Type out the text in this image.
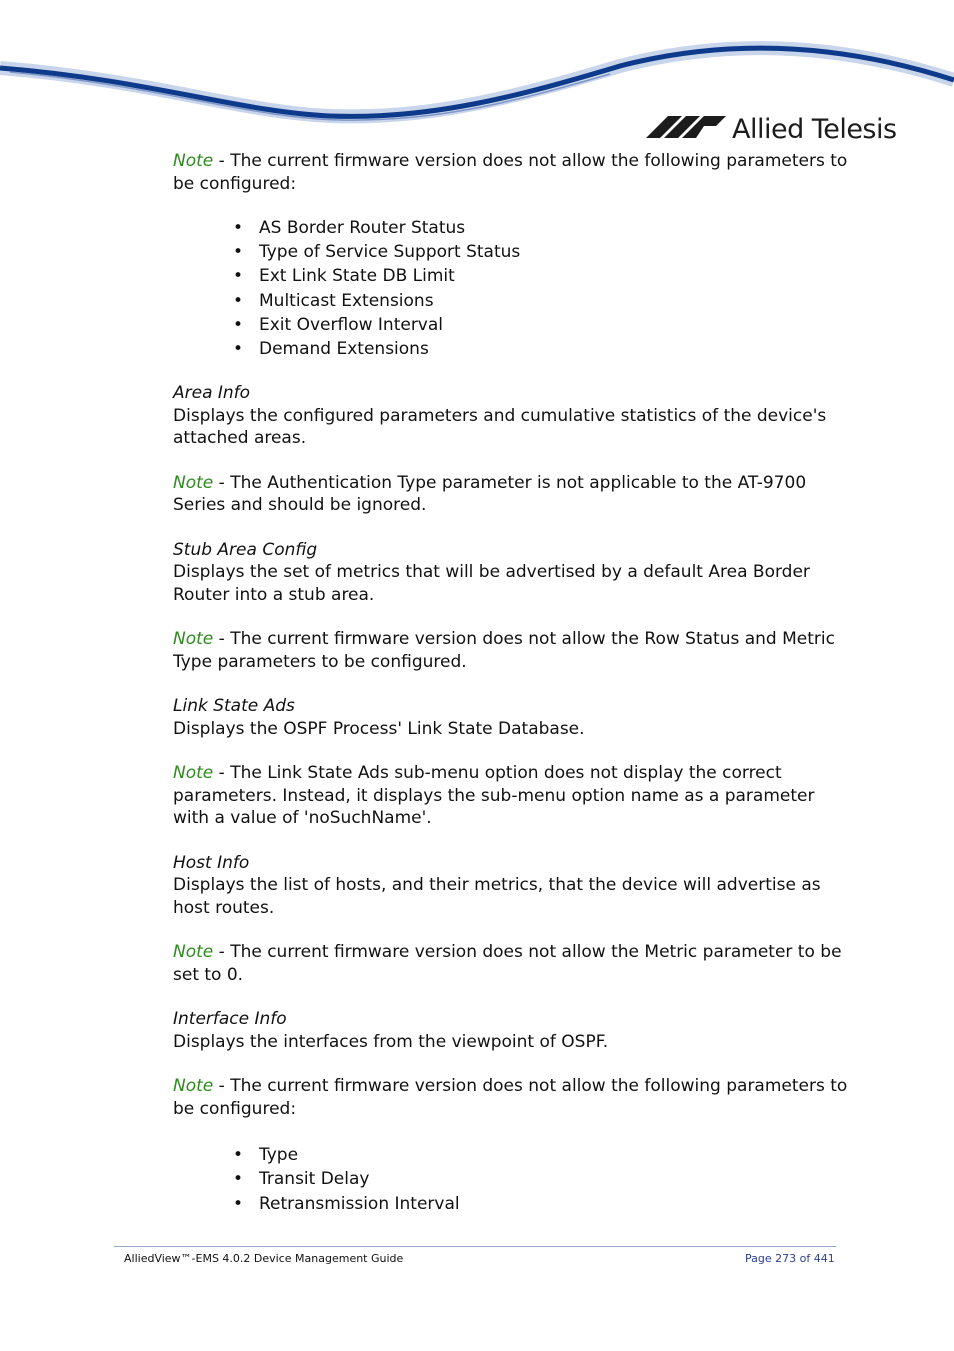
Allied Telesis

Note - The current firmware version does not allow the following parameters to be configured:

• AS Border Router Status
• Type of Service Support Status
• Ext Link State DB Limit
• Multicast Extensions
• Exit Overflow Interval
• Demand Extensions

Area Info

Displays the configured parameters and cumulative statistics of the device's attached areas.

Note - The Authentication Type parameter is not applicable to the AT-9700 Series and should be ignored.

Stub Area Config

Displays the set of metrics that will be advertised by a default Area Border Router into a stub area.

Note - The current firmware version does not allow the Row Status and Metric Type parameters to be configured.

Link State Ads

Displays the OSPF Process' Link State Database.

Note - The Link State Ads sub-menu option does not display the correct parameters. Instead, it displays the sub-menu option name as a parameter with a value of 'noSuchName'.

Host Info

Displays the list of hosts, and their metrics, that the device will advertise as host routes.

Note - The current firmware version does not allow the Metric parameter to be set to 0.

Interface Info

Displays the interfaces from the viewpoint of OSPF.

Note - The current firmware version does not allow the following parameters to be configured:

• Type
• Transit Delay
• Retransmission Interval
AlliedView™-EMS 4.0.2 Device Management Guide	Page 273 of 441
